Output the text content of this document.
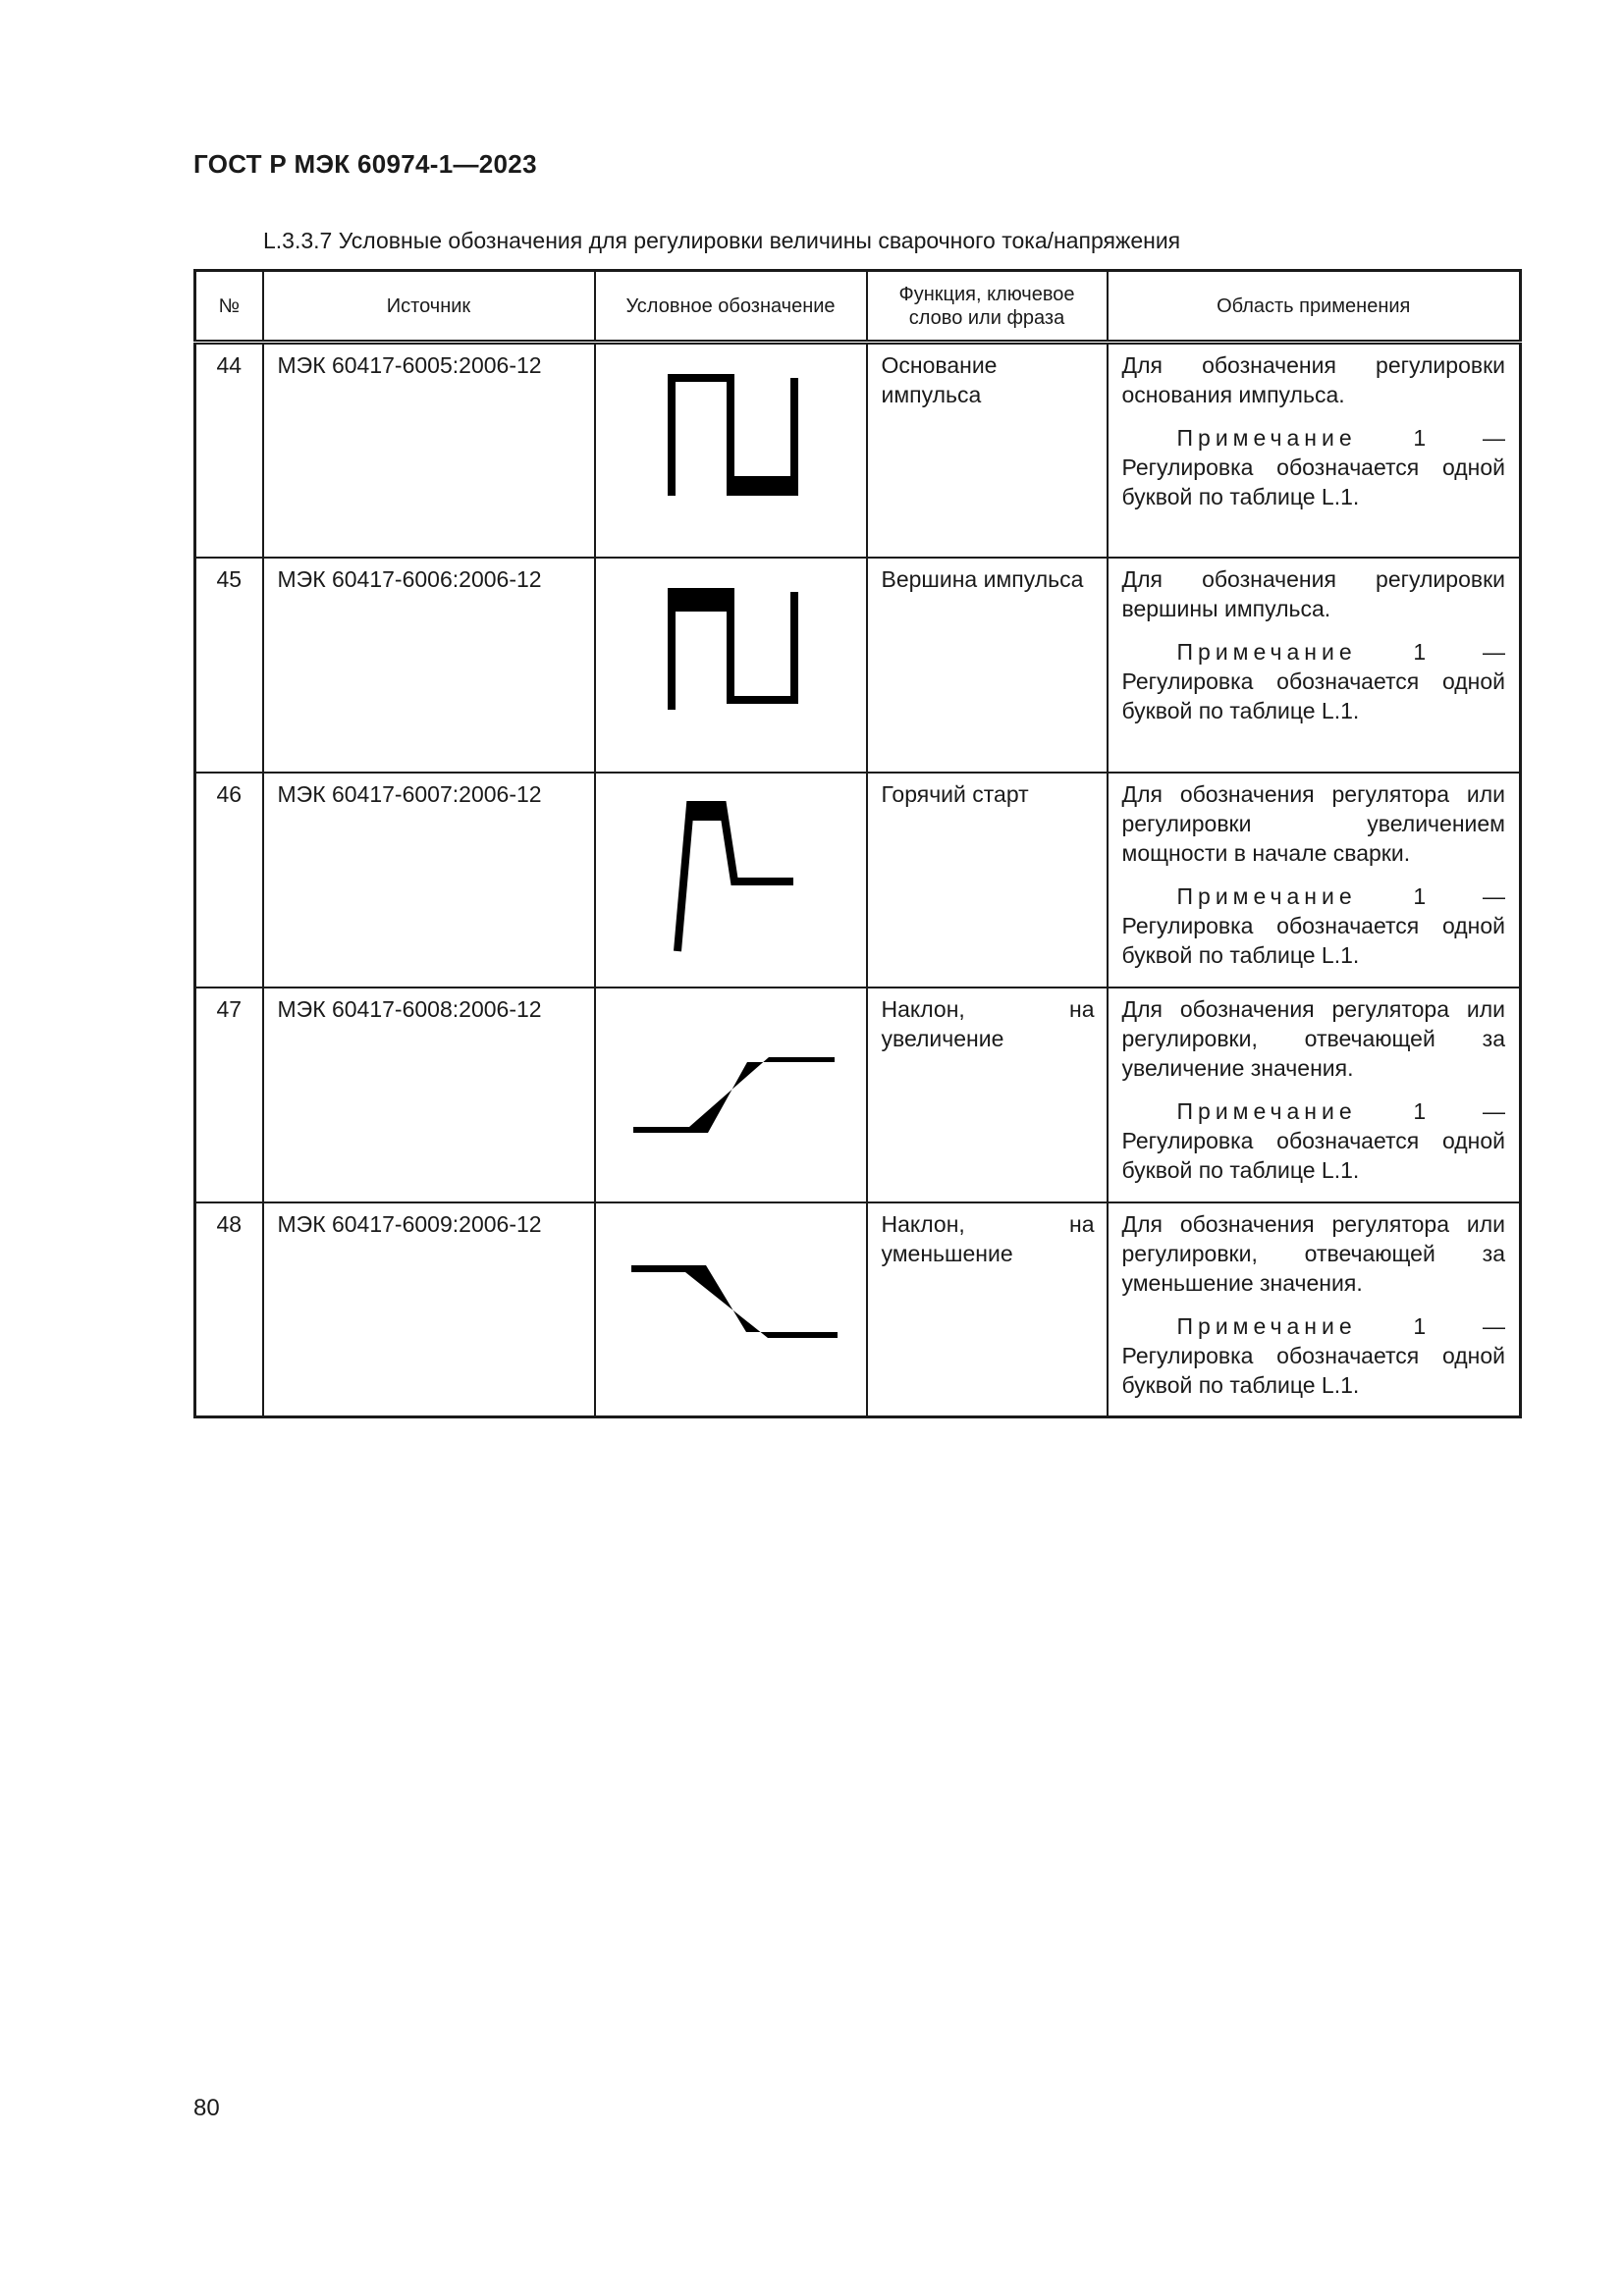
ГОСТ Р МЭК 60974-1—2023

L.3.3.7 Условные обозначения для регулировки величины сварочного тока/напряжения

№	Источник	Условное обозначение	Функция, ключевое слово или фраза	Область применения

44	МЭК 60417-6005:2006-12		Основание импульса	Для обозначения регулировки основания импульса.
Примечание 1 — Регулировка обозначается одной буквой по таблице L.1.

45	МЭК 60417-6006:2006-12		Вершина импульса	Для обозначения регулировки вершины импульса.
Примечание 1 — Регулировка обозначается одной буквой по таблице L.1.

46	МЭК 60417-6007:2006-12		Горячий старт	Для обозначения регулятора или регулировки увеличением мощности в начале сварки.
Примечание 1 — Регулировка обозначается одной буквой по таблице L.1.

47	МЭК 60417-6008:2006-12		Наклон, на увеличение	Для обозначения регулятора или регулировки, отвечающей за увеличение значения.
Примечание 1 — Регулировка обозначается одной буквой по таблице L.1.

48	МЭК 60417-6009:2006-12		Наклон, на уменьшение	Для обозначения регулятора или регулировки, отвечающей за уменьшение значения.
Примечание 1 — Регулировка обозначается одной буквой по таблице L.1.

80
